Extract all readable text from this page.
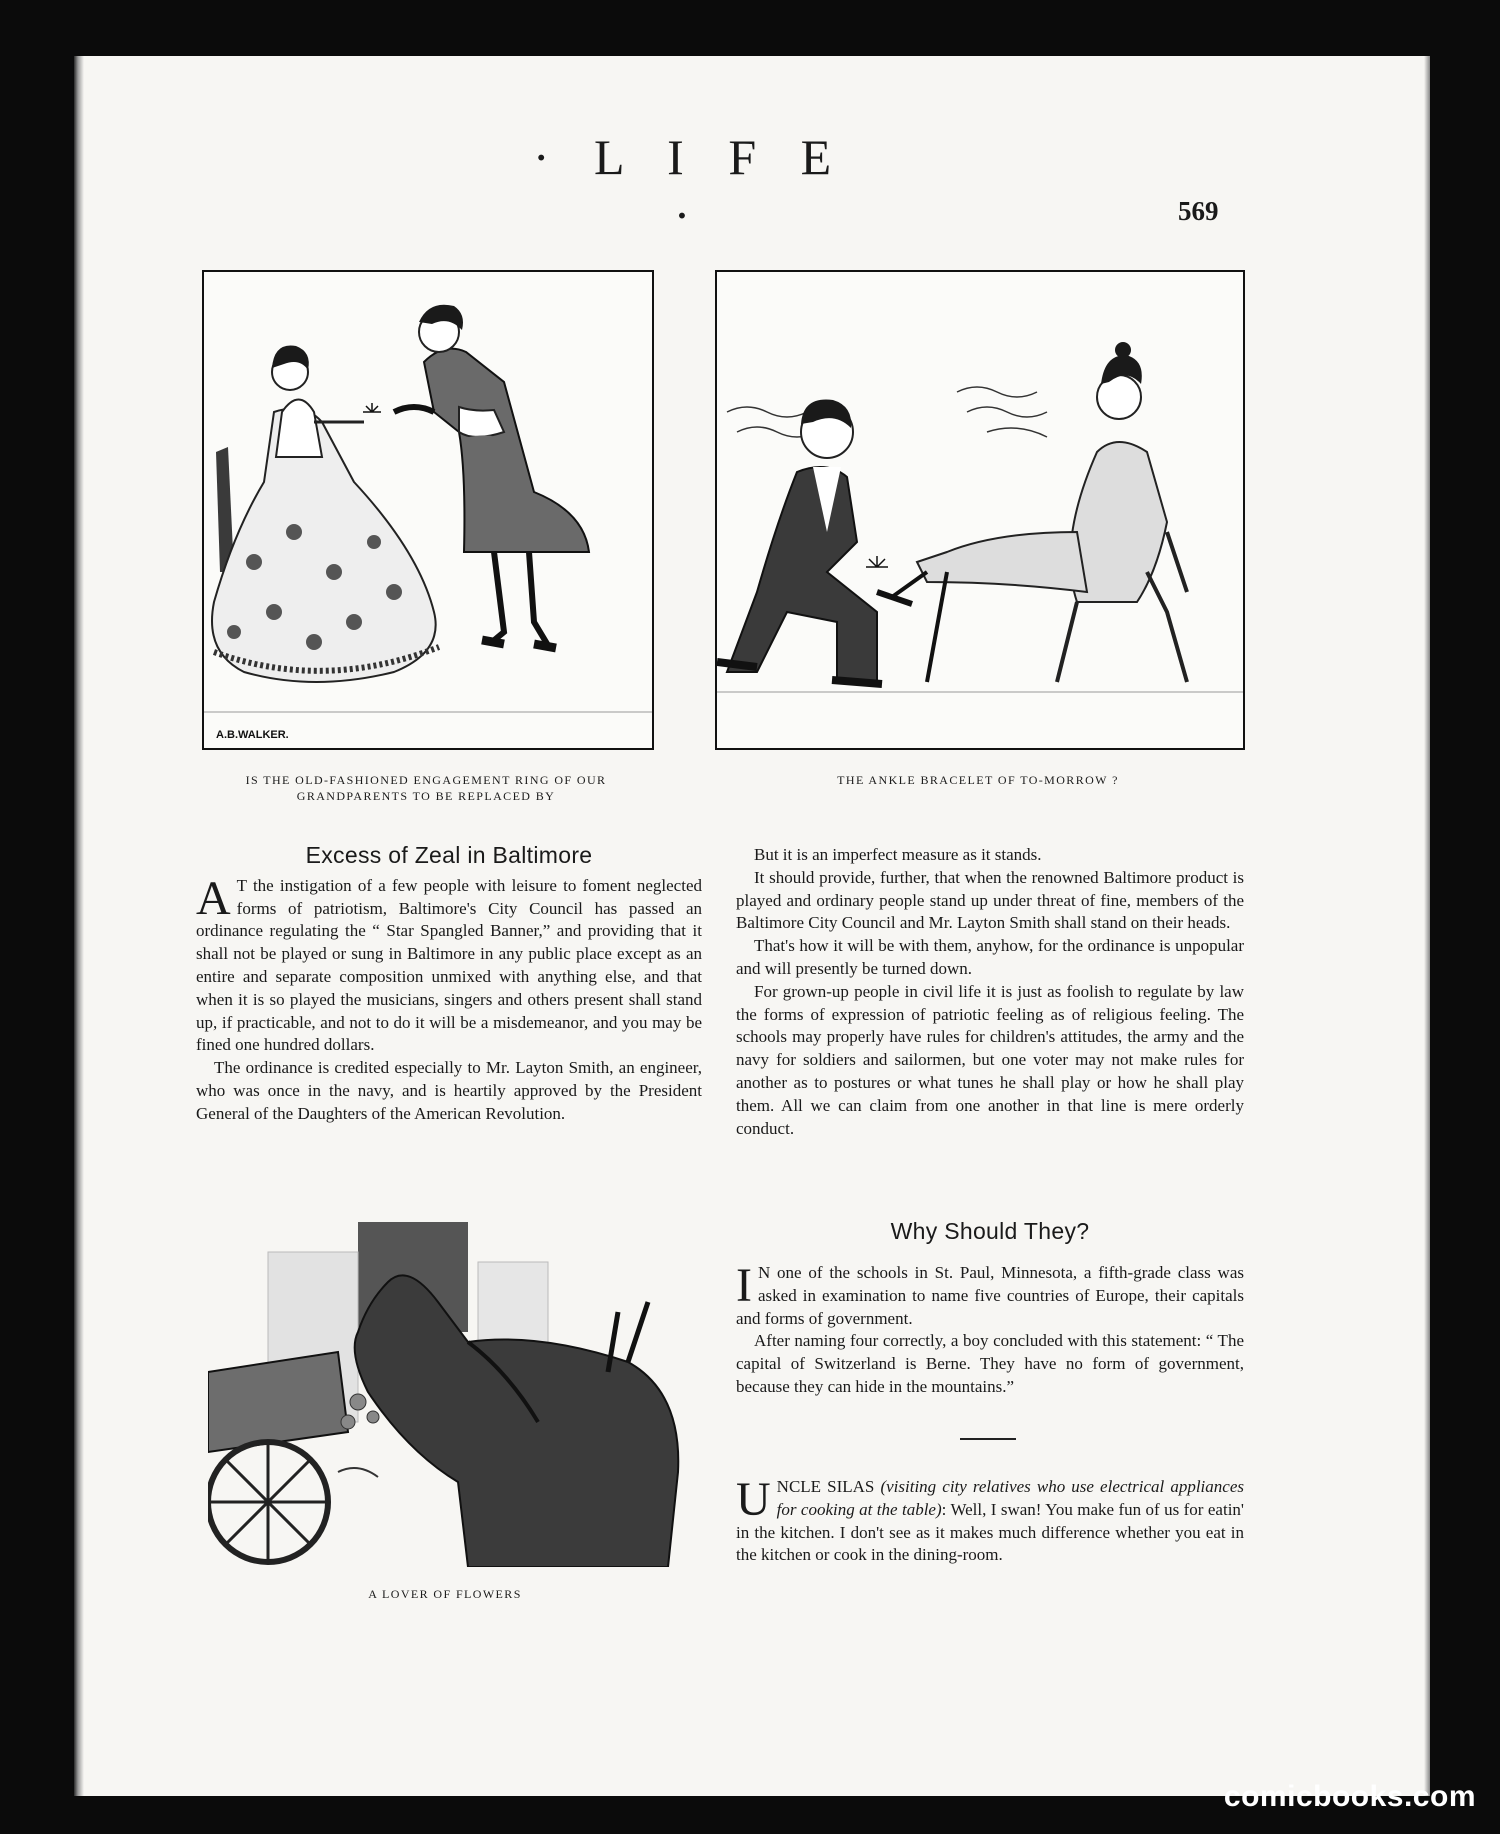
· L I F E ·	569
A.B.WALKER.
IS THE OLD-FASHIONED ENGAGEMENT RING OF OUR GRANDPARENTS TO BE REPLACED BY
THE ANKLE BRACELET OF TO-MORROW ?
Excess of Zeal in Baltimore

A T the instigation of a few people with leisure to foment neglected forms of patriotism, Baltimore's City Council has passed an ordinance regulating the “ Star Spangled Banner,” and providing that it shall not be played or sung in Baltimore in any public place except as an entire and separate composition unmixed with anything else, and that when it is so played the musicians, singers and others present shall stand up, if practicable, and not to do it will be a misdemeanor, and you may be fined one hundred dollars.

The ordinance is credited especially to Mr. Layton Smith, an engineer, who was once in the navy, and is heartily approved by the President General of the Daughters of the American Revolution.

But it is an imperfect measure as it stands.

It should provide, further, that when the renowned Baltimore product is played and ordinary people stand up under threat of fine, members of the Baltimore City Council and Mr. Layton Smith shall stand on their heads.

That's how it will be with them, anyhow, for the ordinance is unpopular and will presently be turned down.

For grown-up people in civil life it is just as foolish to regulate by law the forms of expression of patriotic feeling as of religious feeling. The schools may properly have rules for children's attitudes, the army and the navy for soldiers and sailormen, but one voter may not make rules for another as to postures or what tunes he shall play or how he shall play them. All we can claim from one another in that line is mere orderly conduct.

A LOVER OF FLOWERS
Why Should They?

I N one of the schools in St. Paul, Minnesota, a fifth-grade class was asked in examination to name five countries of Europe, their capitals and forms of government.

After naming four correctly, a boy concluded with this statement: “ The capital of Switzerland is Berne. They have no form of government, because they can hide in the mountains.”

UNCLE SILAS (visiting city relatives who use electrical appliances for cooking at the table): Well, I swan! You make fun of us for eatin' in the kitchen. I don't see as it makes much difference whether you eat in the kitchen or cook in the dining-room.

comicbooks.com
